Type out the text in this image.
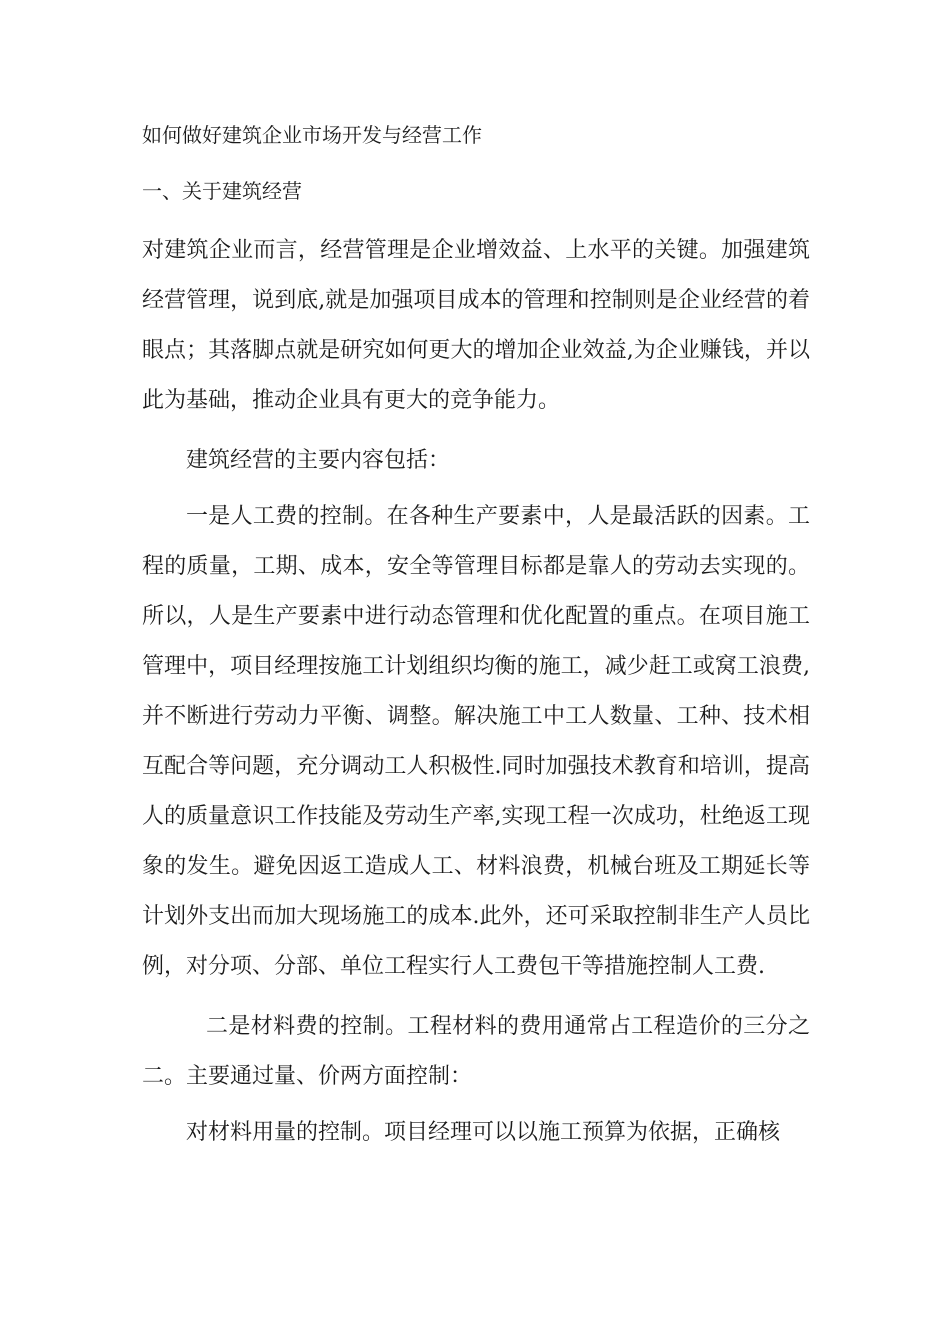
如何做好建筑企业市场开发与经营工作
一、关于建筑经营

对建筑企业而言，经营管理是企业增效益、上水平的关键。加强建筑经营管理，说到底,就是加强项目成本的管理和控制则是企业经营的着眼点；其落脚点就是研究如何更大的增加企业效益,为企业赚钱，并以此为基础，推动企业具有更大的竞争能力。

建筑经营的主要内容包括：

一是人工费的控制。在各种生产要素中，人是最活跃的因素。工程的质量，工期、成本，安全等管理目标都是靠人的劳动去实现的。所以，人是生产要素中进行动态管理和优化配置的重点。在项目施工管理中，项目经理按施工计划组织均衡的施工，减少赶工或窝工浪费,并不断进行劳动力平衡、调整。解决施工中工人数量、工种、技术相互配合等问题，充分调动工人积极性.同时加强技术教育和培训，提高人的质量意识工作技能及劳动生产率,实现工程一次成功，杜绝返工现象的发生。避免因返工造成人工、材料浪费，机械台班及工期延长等计划外支出而加大现场施工的成本.此外，还可采取控制非生产人员比例，对分项、分部、单位工程实行人工费包干等措施控制人工费.

二是材料费的控制。工程材料的费用通常占工程造价的三分之二。主要通过量、价两方面控制：

对材料用量的控制。项目经理可以以施工预算为依据，正确核
